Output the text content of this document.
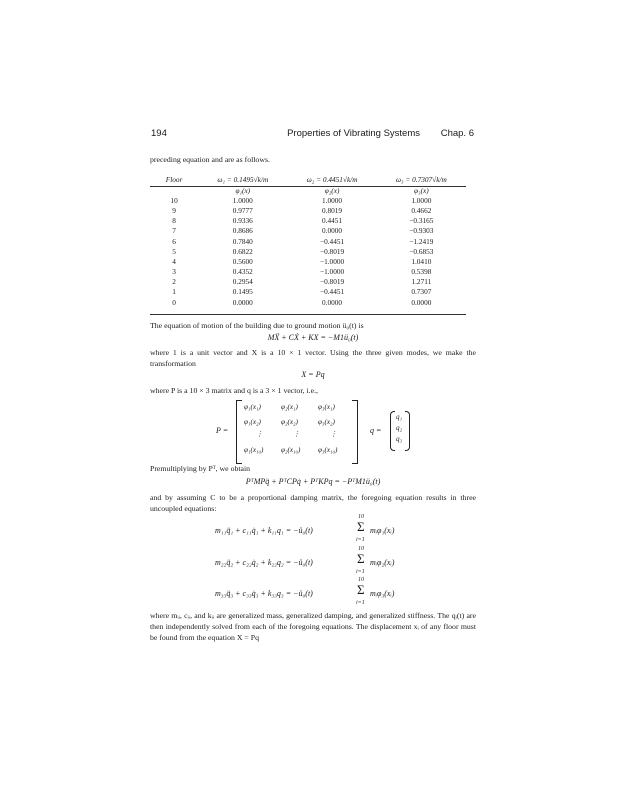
194	Properties of Vibrating Systems Chap. 6
preceding equation and are as follows.
Floor	ω₁ = 0.1495√k/m	ω₂ = 0.4451√k/m	ω₃ = 0.7307√k/m
	φ₁(x)	φ₂(x)	φ₃(x)
10	1.0000	1.0000	1.0000
9	0.9777	0.8019	0.4662
8	0.9336	0.4451	−0.3165
7	0.8686	0.0000	−0.9303
6	0.7840	−0.4451	−1.2419
5	0.6822	−0.8019	−0.6853
4	0.5600	−1.0000	1.0410
3	0.4352	−1.0000	0.5398
2	0.2954	−0.8019	1.2711
1	0.1495	−0.4451	0.7307
0	0.0000	0.0000	0.0000
The equation of motion of the building due to ground motion ü₀(t) is
MẌ + CẊ + KX = −M1ü₀(t)
where 1 is a unit vector and X is a 10 × 1 vector. Using the three given modes, we make the transformation
X = Pq
where P is a 10 × 3 matrix and q is a 3 × 1 vector, i.e.,
P =
φ₁(x₁)	φ₂(x₁)	φ₃(x₁)
φ₁(x₂)	φ₂(x₂)	φ₃(x₂)
⋮	⋮	⋮
φ₁(x₁₀) φ₂(x₁₀) φ₃(x₁₀)
q =
q₁
q₂
q₃
Premultiplying by Pᵀ, we obtain
PᵀMPq̈ + PᵀCPq̇ + PᵀKPq = −PᵀM1ü₀(t)
and by assuming C to be a proportional damping matrix, the foregoing equation results in three uncoupled equations:
m₁₁q̈₁ + c₁₁q̇₁ + k₁₁q₁ = −ü₀(t)
10
Σ
i=1
mᵢφ₁(xᵢ)
m₂₂q̈₂ + c₂₂q̇₂ + k₂₂q₂ = −ü₀(t)
10
Σ
i=1
mᵢφ₂(xᵢ)
m₃₃q̈₃ + c₃₃q̇₃ + k₃₃q₃ = −ü₀(t)
10
Σ
i=1
mᵢφ₃(xᵢ)
where mᵢᵢ, cᵢᵢ, and kᵢᵢ are generalized mass, generalized damping, and generalized stiffness. The qᵢ(t) are then independently solved from each of the foregoing equations. The displacement xᵢ of any floor must be found from the equation X = Pq
